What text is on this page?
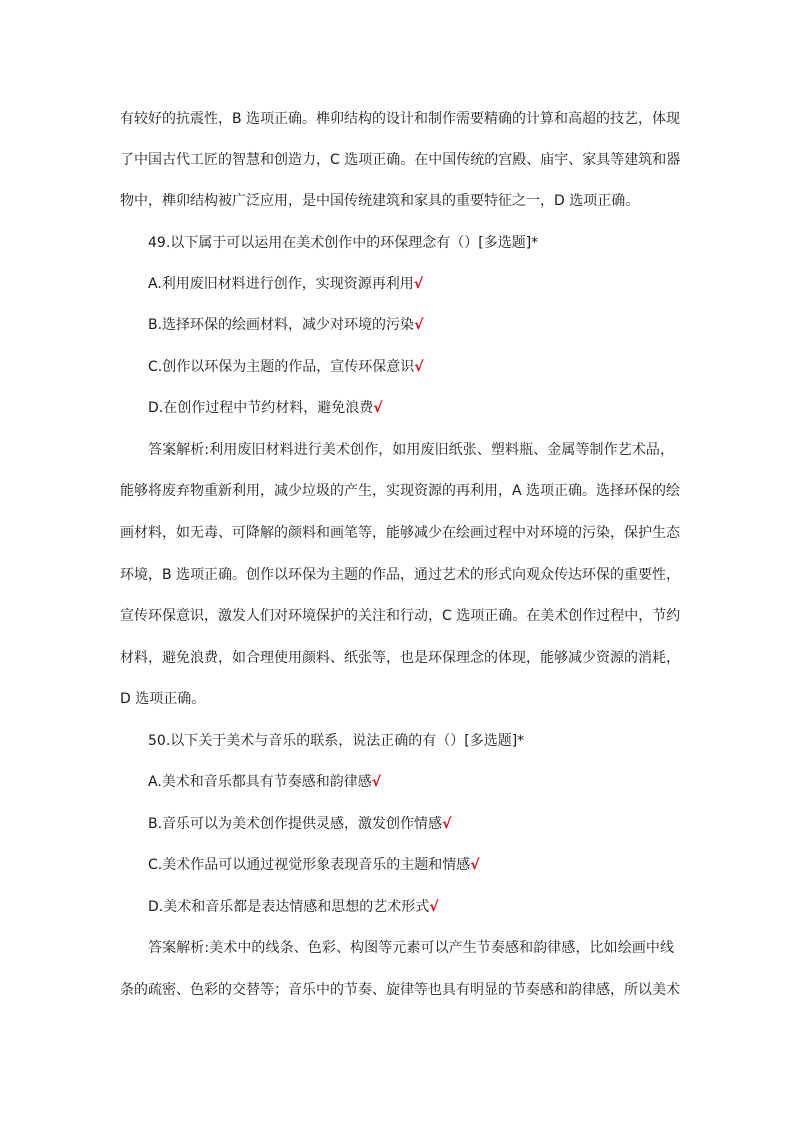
有较好的抗震性，B 选项正确。榫卯结构的设计和制作需要精确的计算和高超的技艺，体现
了中国古代工匠的智慧和创造力，C 选项正确。在中国传统的宫殿、庙宇、家具等建筑和器
物中，榫卯结构被广泛应用，是中国传统建筑和家具的重要特征之一，D 选项正确。
49.以下属于可以运用在美术创作中的环保理念有（）[多选题]*
A.利用废旧材料进行创作，实现资源再利用√
B.选择环保的绘画材料，减少对环境的污染√
C.创作以环保为主题的作品，宣传环保意识√
D.在创作过程中节约材料，避免浪费√
答案解析:利用废旧材料进行美术创作，如用废旧纸张、塑料瓶、金属等制作艺术品，
能够将废弃物重新利用，减少垃圾的产生，实现资源的再利用，A 选项正确。选择环保的绘
画材料，如无毒、可降解的颜料和画笔等，能够减少在绘画过程中对环境的污染，保护生态
环境，B 选项正确。创作以环保为主题的作品，通过艺术的形式向观众传达环保的重要性，
宣传环保意识，激发人们对环境保护的关注和行动，C 选项正确。在美术创作过程中，节约
材料，避免浪费，如合理使用颜料、纸张等，也是环保理念的体现，能够减少资源的消耗，
D 选项正确。
50.以下关于美术与音乐的联系，说法正确的有（）[多选题]*
A.美术和音乐都具有节奏感和韵律感√
B.音乐可以为美术创作提供灵感，激发创作情感√
C.美术作品可以通过视觉形象表现音乐的主题和情感√
D.美术和音乐都是表达情感和思想的艺术形式√
答案解析:美术中的线条、色彩、构图等元素可以产生节奏感和韵律感，比如绘画中线
条的疏密、色彩的交替等；音乐中的节奏、旋律等也具有明显的节奏感和韵律感，所以美术
